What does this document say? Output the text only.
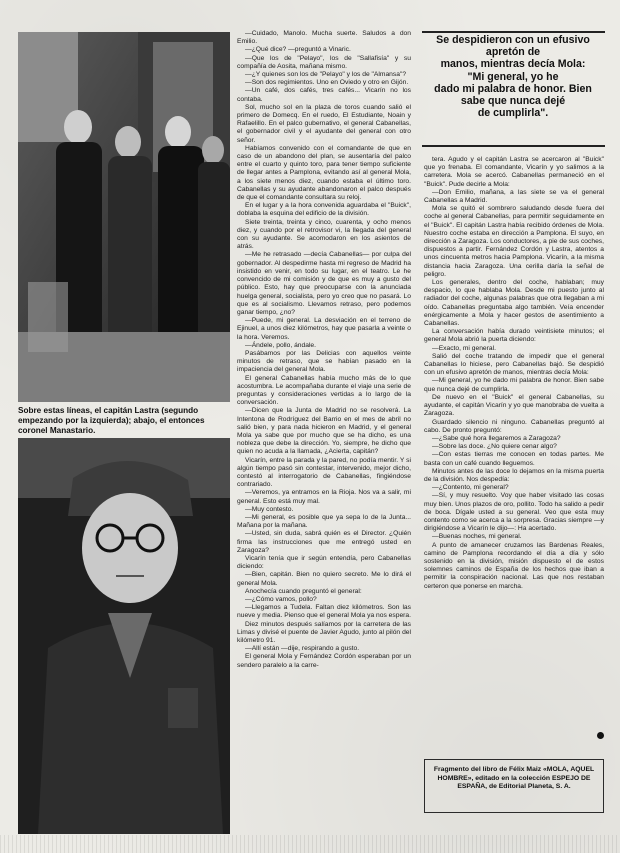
Sobre estas líneas, el capitán Lastra (segundo empezando por la izquierda); abajo, el entonces coronel Manastario.

—Cuidado, Manolo. Mucha suerte. Saludos a don Emilio.

—¿Qué dice? —preguntó a Vinaric.

—Que los de "Pelayo", los de "Sallafisía" y su compañía de Aosita, mañana mismo.

—¿Y quienes son los de "Pelayo" y los de "Almansa"?

—Son dos regimientos. Uno en Oviedo y otro en Gijón.

—Un café, dos cafés, tres cafés... Vicarín no los contaba.

Sol, mucho sol en la plaza de toros cuando salió el primero de Domecq. En el ruedo, El Estudiante, Noain y Rafaelillo. En el palco gubernativo, el general Cabanellas, el gobernador civil y el ayudante del general con otro señor.

Habíamos convenido con el comandante de que en caso de un abandono del plan, se ausentaría del palco entre el cuarto y quinto toro, para tener tiempo suficiente de llegar antes a Pamplona, evitando así al general Mola, a los siete menos diez, cuando estaba el último toro. Cabanellas y su ayudante abandonaron el palco después de que el comandante consultara su reloj.

En el lugar y a la hora convenida aguardaba el "Buick", doblaba la esquina del edificio de la división.

Siete treinta, treinta y cinco, cuarenta, y ocho menos diez, y cuando por el retrovisor vi, la llegada del general con su ayudante. Se acomodaron en los asientos de atrás.

—Me he retrasado —decía Cabanellas— por culpa del gobernador. Al despedirme hasta mi regreso de Madrid ha insistido en venir, en todo su lugar, en el teatro. Le he convencido de mi comisión y de que es muy a gusto del público. Esto, hay que preocuparse con la anunciada huelga general, socialista, pero yo creo que no pasará. Lo que es al socialismo. Llevamos retraso, pero podemos ganar tiempo, ¿no?

—Puede, mi general. La desviación en el terreno de Ejinuel, a unos diez kilómetros, hay que pasarla a veinte o la hora. Veremos.

—Ándele, pollo, ándale.

Pasábamos por las Delicias con aquellos veinte minutos de retraso, que se habían pasado en la impaciencia del general Mola.

El general Cabanellas había mucho más de lo que acostumbra. Le acompañaba durante el viaje una serie de preguntas y consideraciones vertidas a lo largo de la conversación.

—Dicen que la Junta de Madrid no se resolverá. La Intentona de Rodríguez del Barrio en el mes de abril no salió bien, y para nada hicieron en Madrid, y el general Mola ya sabe que por mucho que se ha dicho, es una nobleza que debe la dirección. Yo, siempre, he dicho que quien no acuda a la llamada, ¿Acierta, capitán?

Vicarín, entre la parada y la pared, no podía mentir. Y si algún tiempo pasó sin contestar, intervenido, mejor dicho, contestó al interrogatorio de Cabanellas, fingiéndose contrariado.

—Veremos, ya entramos en la Rioja. Nos va a salir, mi general. Esto está muy mal.

—Muy contesto.

—Mi general, es posible que ya sepa lo de la Junta... Mañana por la mañana.

—Usted, sin duda, sabrá quién es el Director. ¿Quién firma las instrucciones que me entregó usted en Zaragoza?

Vicarín tenía que ir según entendía, pero Cabanellas diciendo:

—Bien, capitán. Bien no quiero secreto. Me lo dirá el general Mola.

Anochecía cuando preguntó el general:

—¿Cómo vamos, pollo?

—Llegamos a Tudela. Faltan diez kilómetros. Son las nueve y media. Pienso que el general Mola ya nos espera.

Diez minutos después salíamos por la carretera de las Limas y divisé el puente de Javier Agudo, junto al pilón del kilómetro 91.

—Allí están —dije, respirando a gusto.

El general Mola y Fernández Cordón esperaban por un sendero paralelo a la carre-

Se despidieron con un efusivo

apretón de

manos, mientras decía Mola:

"Mi general, yo he

dado mi palabra de honor. Bien

sabe que nunca dejé

de cumplirla".

tera. Agudo y el capitán Lastra se acercaron al "Buick" que yo frenaba. El comandante, Vicarín y yo salimos a la carretera. Mola se acercó. Cabanellas permaneció en el "Buick". Pude decirle a Mola:

—Don Emilio, mañana, a las siete se va el general Cabanellas a Madrid.

Mola se quitó el sombrero saludando desde fuera del coche al general Cabanellas, para permitir seguidamente en el "Buick". El capitán Lastra había recibido órdenes de Mola. Nuestro coche estaba en dirección a Pamplona. El suyo, en dirección a Zaragoza. Los conductores, a pie de sus coches, dispuestos a partir. Fernández Cordón y Lastra, atentos a unos cincuenta metros hacia Pamplona. Vicarín, a la misma distancia hacia Zaragoza. Una cerilla daría la señal de peligro.

Los generales, dentro del coche, hablaban; muy despacio, lo que hablaba Mola. Desde mi puesto junto al radiador del coche, algunas palabras que otra llegaban a mi oído. Cabanellas preguntaba algo también. Veía encender enérgicamente a Mola y hacer gestos de asentimiento a Cabanellas.

La conversación había durado veintisiete minutos; el general Mola abrió la puerta diciendo:

—Exacto, mi general.

Salió del coche tratando de impedir que el general Cabanellas lo hiciese, pero Cabanellas bajó. Se despidió con un efusivo apretón de manos, mientras decía Mola:

—Mi general, yo he dado mi palabra de honor. Bien sabe que nunca dejé de cumplirla.

De nuevo en el "Buick" el general Cabanellas, su ayudante, el capitán Vicarín y yo que manobraba de vuelta a Zaragoza.

Guardado silencio ni ninguno. Cabanellas preguntó al cabo. De pronto preguntó:

—¿Sabe qué hora llegaremos a Zaragoza?

—Sobre las doce. ¿No quiere cenar algo?

—Con estas tierras me conocen en todas partes. Me basta con un café cuando lleguemos.

Minutos antes de las doce lo dejamos en la misma puerta de la división. Nos despedía:

—¿Contento, mi general?

—Sí, y muy resuelto. Voy que haber visitado las cosas muy bien. Unos plazos de oro, pollito. Todo ha salido a pedir de boca. Dígale usted a su general. Veo que esta muy contento como se acerca a la sorpresa. Gracias siempre —y dirigiéndose a Vicarín le dijo—: Ha acertado.

—Buenas noches, mi general.

A punto de amanecer cruzamos las Bardenas Reales, camino de Pamplona recordando el día a día y sólo sostenido en la división, misión dispuesto el de estos solemnes caminos de España de los hechos que iban a permitir la conspiración nacional. Las que nos restaban certeron que ponerse en marcha.

Fragmento del libro de Félix Maiz «MOLA, AQUEL HOMBRE», editado en la colección ESPEJO DE ESPAÑA, de Editorial Planeta, S. A.
